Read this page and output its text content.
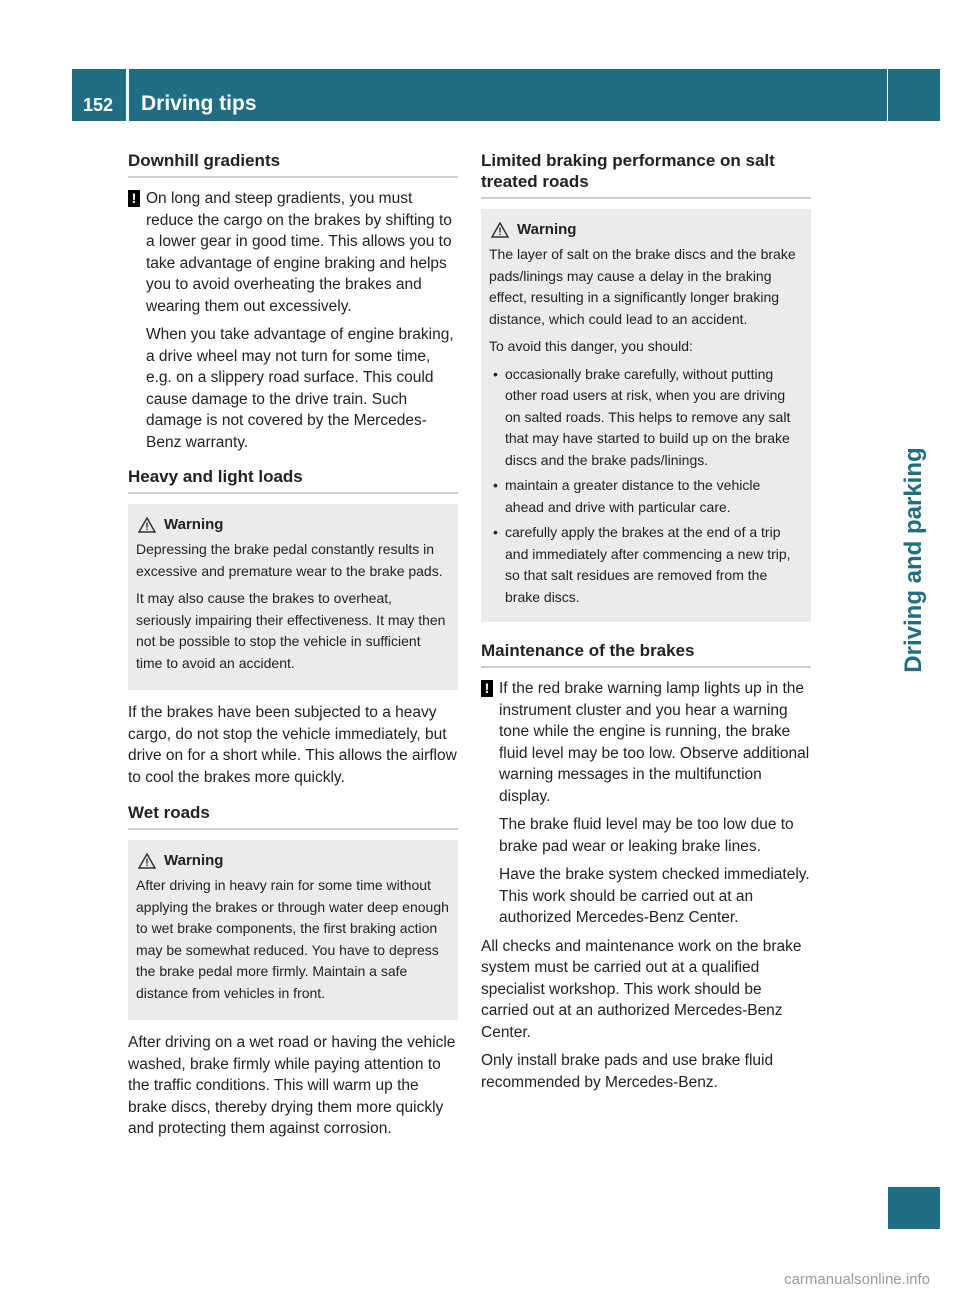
152	Driving tips
Driving and parking
Downhill gradients
! On long and steep gradients, you must reduce the cargo on the brakes by shifting to a lower gear in good time. This allows you to take advantage of engine braking and helps you to avoid overheating the brakes and wearing them out excessively.

When you take advantage of engine braking, a drive wheel may not turn for some time, e.g. on a slippery road surface. This could cause damage to the drive train. Such damage is not covered by the Mercedes-Benz warranty.

Heavy and light loads
Warning

Depressing the brake pedal constantly results in excessive and premature wear to the brake pads.

It may also cause the brakes to overheat, seriously impairing their effectiveness. It may then not be possible to stop the vehicle in sufficient time to avoid an accident.

If the brakes have been subjected to a heavy cargo, do not stop the vehicle immediately, but drive on for a short while. This allows the airflow to cool the brakes more quickly.

Wet roads
Warning

After driving in heavy rain for some time without applying the brakes or through water deep enough to wet brake components, the first braking action may be somewhat reduced. You have to depress the brake pedal more firmly. Maintain a safe distance from vehicles in front.

After driving on a wet road or having the vehicle washed, brake firmly while paying attention to the traffic conditions. This will warm up the brake discs, thereby drying them more quickly and protecting them against corrosion.

Limited braking performance on salt treated roads
Warning

The layer of salt on the brake discs and the brake pads/linings may cause a delay in the braking effect, resulting in a significantly longer braking distance, which could lead to an accident.

To avoid this danger, you should:

• occasionally brake carefully, without putting other road users at risk, when you are driving on salted roads. This helps to remove any salt that may have started to build up on the brake discs and the brake pads/linings.
• maintain a greater distance to the vehicle ahead and drive with particular care.
• carefully apply the brakes at the end of a trip and immediately after commencing a new trip, so that salt residues are removed from the brake discs.
Maintenance of the brakes
! If the red brake warning lamp lights up in the instrument cluster and you hear a warning tone while the engine is running, the brake fluid level may be too low. Observe additional warning messages in the multifunction display.

The brake fluid level may be too low due to brake pad wear or leaking brake lines.

Have the brake system checked immediately. This work should be carried out at an authorized Mercedes-Benz Center.

All checks and maintenance work on the brake system must be carried out at a qualified specialist workshop. This work should be carried out at an authorized Mercedes-Benz Center.

Only install brake pads and use brake fluid recommended by Mercedes-Benz.

carmanualsonline.info
